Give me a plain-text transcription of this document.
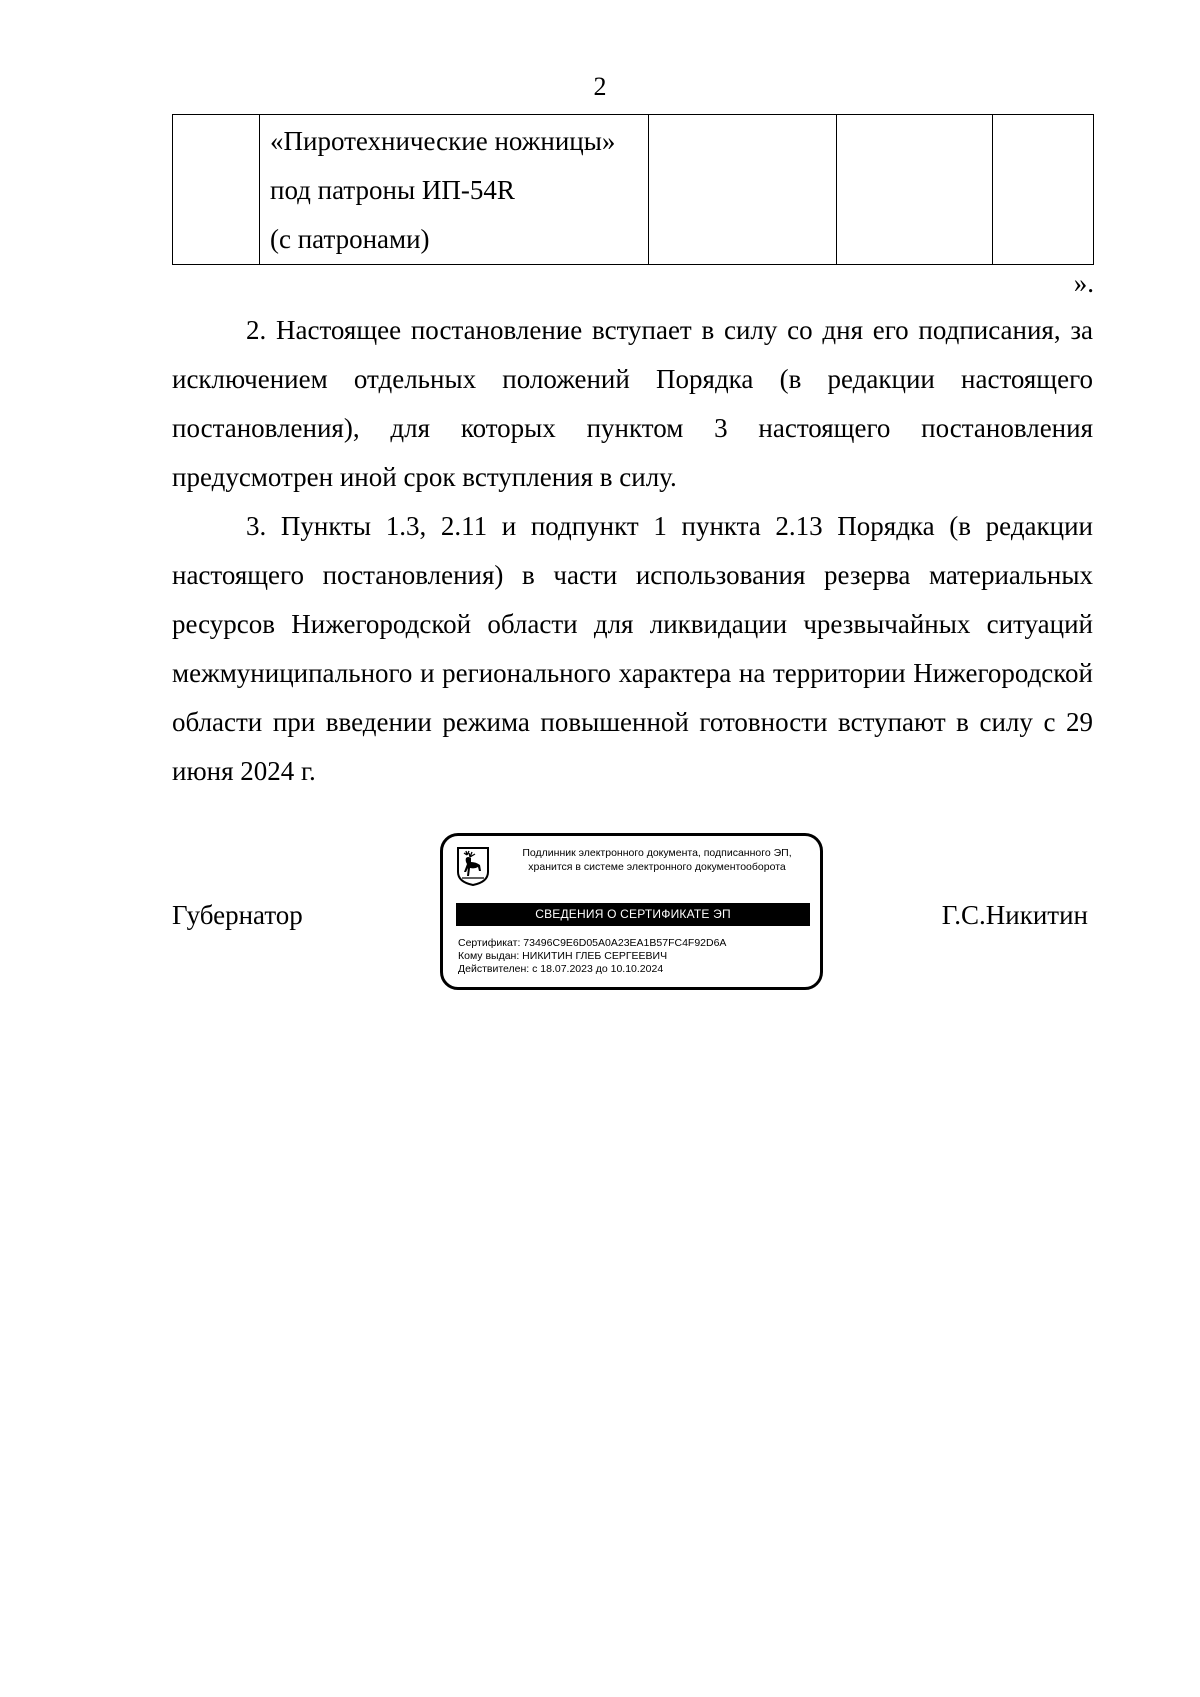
2

«Пиротехнические ножницы»
под патроны ИП-54R
(с патронами)

».

2. Настоящее постановление вступает в силу со дня его подписания, за исключением отдельных положений Порядка (в редакции настоящего постановления), для которых пунктом 3 настоящего постановления предусмотрен иной срок вступления в силу.

3. Пункты 1.3, 2.11 и подпункт 1 пункта 2.13 Порядка (в редакции настоящего постановления) в части использования резерва материальных ресурсов Нижегородской области для ликвидации чрезвычайных ситуаций межмуниципального и регионального характера на территории Нижегородской области при введении режима повышенной готовности вступают в силу с 29 июня 2024 г.

Губернатор
Подлинник электронного документа, подписанного ЭП,
хранится в системе электронного документооборота
СВЕДЕНИЯ О СЕРТИФИКАТЕ ЭП
Сертификат: 73496C9E6D05A0A23EA1B57FC4F92D6A
Кому выдан: НИКИТИН ГЛЕБ СЕРГЕЕВИЧ
Действителен: с 18.07.2023 до 10.10.2024
Г.С.Никитин
